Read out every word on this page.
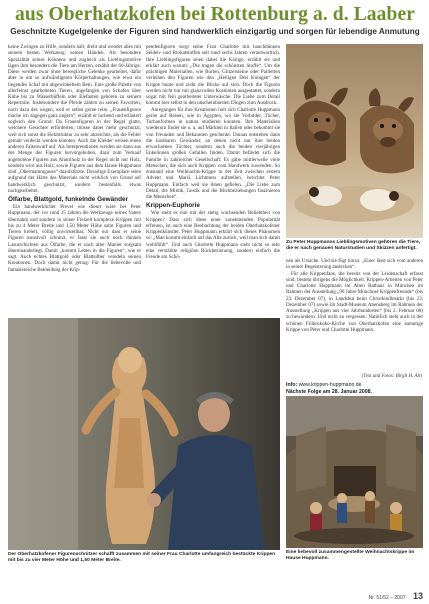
aus Oberhatzkofen bei Rottenburg a. d. Laaber
Geschnitzte Kugelgelenke der Figuren sind handwerklich einzigartig und sorgen für lebendige Anmutung

keine Zwingen zu Hilfe, sondern hält, dreht und wendet alles mit seinem besten Werkzeug: seinen Händen. Als besondere Spezialität seines Könnens und zugleich als Lieblingsmotive lägen ihm besonders die Tiere am Herzen, erzählt der 60-Jährige. Diese werden zwar ohne bewegliche Gelenke gearbeitet, dafür aber in um so aufwändigeren Körperhaltungen, wie etwa ein liegendes Schaf mit abgewinkeltem Bein. Eine große Palette von allerfeinst gearbeiteten Tieren, angefangen von Schafen über Kühe bis zu Wasserbüffeln oder Elefanten gehören zu seinem Repertoire. Insbesondere die Pferde zählen zu seinen Favoriten, noch dazu des wegen, weil er selbst gerne reite. „Frauenfiguren mache ich dagegen ganz ungern“, erzählt er lachend und erläutert sogleich den Grund: Da Frauenfiguren in der Regel glatte, weichere Gesichter erforderten, müsse dabei mehr geschnitzt, weil sich sonst die Holzstruktur zu sehr abzeichne, als die Fehler gemalt verdeckt werden könnten. Auch die Kleider weisen einen anderen Faltenwurf auf. Als Interpretationen werden sie dann aus der Menge der Figuren hervorgehoben, dazu zum Verkauf angebotene Figuren aus Ahornholz in der Regel nicht nur Holz, sondern wird aus Holz, sowie Figuren aus dem Hause Huppmann sind „Obermammgause“ dazufstürzte. Derartige Exemplare seien aufgrund der Härte des Materials nicht wirklich von Grund auf handwerklich geschnitzt, sondern bestenfalls etwas nachgearbeitet.

Ölfarbe, Blattgold, funkelnde Gewänder

Ein handwerklicher Prevel wie dieser wäre bei Peter Huppmann, der vor rund 25 Jahren die Werkzeuge seines Vaters übernahm und sondern in seiner Freizeit komplexe Krippen mit bis zu 4 Meter Breite und 1,50 Meter Höhe samt Figuren und Tieren kreiert, völlig unvorstellbar. Nicht nur dass er seine Figuren kunstvoll schnitzt, er fasst sie auch noch dünnen Lasurschichten aus Ölfarbe, die er nach alter Manier sorgsam übereinanderlegt. Damit „kommt Leben in die Figuren“, wie er sagt. Auch echtes Blattgold oder Blattsilber veredeln seinen Kreationen. Doch damit nicht genug: Für die liebevolle und fantasiereiche Bekleidung der Krip-

pendenfiguren sorgt seine Frau Charlotte mit hauchdünnen Seiden- und Brokatstoffen seit rund sechs Jahren verantwortlich. Ihre Lieblingsfiguren seien dabei die Könige, erzählt sie und erklärt auch warum: „Die tragen die schönsten Stoffe“. Um die prächtigen Materialien, wie Borten, Glitzersteine oder Pailletten verleihen den Figuren wie den „Heiligen Drei Königen“ der Krippe bunte und zieht die Blicke auf sich. Doch die Figuren werden nicht nur mit glanzvollen Kostümen ausgestattet, sondern sogar mit fein gearbeiteter Unterwäsche. Die Liebe zum Detail kommt hier selbst in den unscheinbarsten Dingen zum Ausdruck.

Anregungen für ihre Kreationen holt sich Charlotte Huppmann gerne auf Reisen, wie in Ägypten, wo sie Vorbilder, Tücher, Turbanformen in natura studieren konnten. Ihre Materialien wiederum findet sie u. a. auf Märkten in Italien oder bekommt sie von Freunden und Bekannten geschenkt. Daraus entstehen dann die kostbaren Gewänder, an denen nicht nur ihre beiden erwachsenen Töchter, sondern auch die beiden vierjährigen Enkelinnen großen Gefallen finden. Damit befindet sich die Familie in zahlreicher Gesellschaft: Es gäbe mittlerweile viele Menschen, die sich auch Krippen vom Handwerk zuwenden. So entstand eine Weihnachts-Krippe in der Zeit zwischen erstem Advent und Mariä Lichtmess aufstellen, berichtet Peter Huppmann. Einfach weil sie ihnen gefielen. „Die Liebe zum Detail, die Mimik, Gestik und die Blickbeziehungen faszinieren die Menschen“.

Krippen-Euphorie

Wie steht es nun mit der stetig wachsenden Beliebtheit von Krippen? Dass sich diese einer zunehmenden Popularität erfreuen, ist auch eine Beobachtung der beiden Oberhatzkofener Krippenkünstler. Peter Huppmann erklärt sich dieses Phänomen so: „Man kommt einfach auf das Alte zurück, weil man sich damit wohlfühlt“. Und auch Charlotte Huppmann sieht nicht so sehr eine verstärkte religiöse Rückbesinnung, sondern einfach die Freude am Schö-

Zu Peter Huppmanns Lieblingsmotiven gehören die Tiere, die er nach genauen Naturstudien und Skizzen anfertigt.

nen als Ursache. Und sie fügt hinzu: „Einer lässt sich vom anderen in seiner Begeisterung anstecken“.

Für alle Krippenfans, die bereits von der Leidenschaft erfasst sind, besteht übrigens die Möglichkeit, Krippen-Arbeiten von Peter und Charlotte Huppmann im Alten Rathaus in München im Rahmen der Ausstellung „90 Jahre Münchner Krippenfreunde“ (bis 23. Dezember 07), in Landshut beim Christkindlmarkt (bis 23. Dezember 07) sowie im Stadt-Museum Abensberg im Rahmen der Ausstellung „Krippen aus vier Jahrhunderten“ (bis 2. Februar 08) zu bewundern. Und nicht zu vergessen: Natürlich steht auch in der schönen Frührokoko-Kirche von Oberhatzkofen eine anmutige Krippe von Peter und Charlotte Huppmann.

(Text und Fotos: Birgit H. Alt)
Info: www.krippen-huppmann.de
Nächste Folge am 28. Januar 2008.
Der Oberhatzkofener Figurenschnitzer schafft zusammen mit seiner Frau Charlotte umfangreich bestückte Krippen mit bis zu vier Meter Höhe und 1,50 Meter Breite.
Eine liebevoll zusammengestellte Weihnachtskrippe im Hause Huppmann.
Nr. 51/52 – 2007 13
